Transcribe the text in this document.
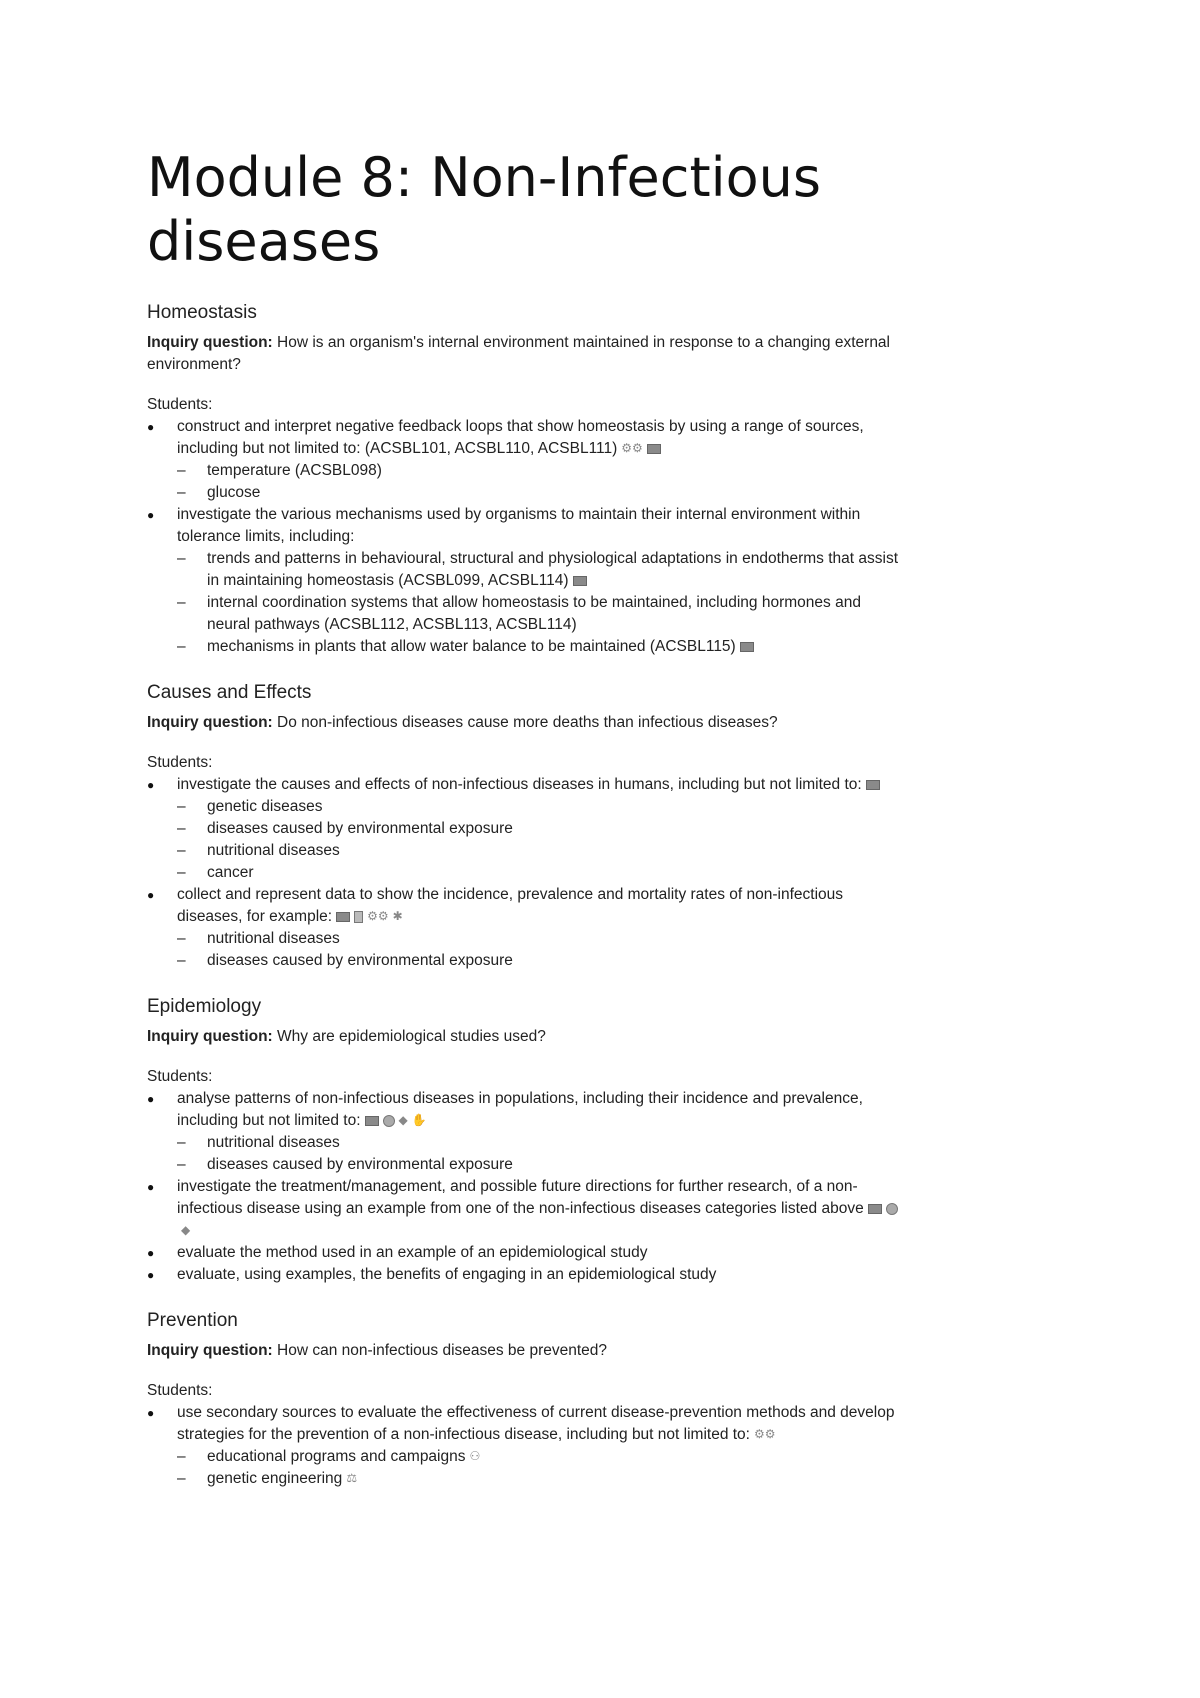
Module 8: Non-Infectious diseases
Homeostasis

Inquiry question: How is an organism's internal environment maintained in response to a changing external environment?

Students:

● construct and interpret negative feedback loops that show homeostasis by using a range of sources, including but not limited to: (ACSBL101, ACSBL110, ACSBL111) ⚙⚙
– temperature (ACSBL098)
– glucose
● investigate the various mechanisms used by organisms to maintain their internal environment within tolerance limits, including:
– trends and patterns in behavioural, structural and physiological adaptations in endotherms that assist in maintaining homeostasis (ACSBL099, ACSBL114)
– internal coordination systems that allow homeostasis to be maintained, including hormones and neural pathways (ACSBL112, ACSBL113, ACSBL114)
– mechanisms in plants that allow water balance to be maintained (ACSBL115)
Causes and Effects

Inquiry question: Do non-infectious diseases cause more deaths than infectious diseases?

Students:

● investigate the causes and effects of non-infectious diseases in humans, including but not limited to:
– genetic diseases
– diseases caused by environmental exposure
– nutritional diseases
– cancer
● collect and represent data to show the incidence, prevalence and mortality rates of non-infectious diseases, for example:	⚙⚙ ✱
– nutritional diseases
– diseases caused by environmental exposure
Epidemiology

Inquiry question: Why are epidemiological studies used?

Students:

● analyse patterns of non-infectious diseases in populations, including their incidence and prevalence, including but not limited to:	◆ ✋
– nutritional diseases
– diseases caused by environmental exposure
● investigate the treatment/management, and possible future directions for further research, of a non-infectious disease using an example from one of the non-infectious diseases categories listed above◆
● evaluate the method used in an example of an epidemiological study
● evaluate, using examples, the benefits of engaging in an epidemiological study
Prevention

Inquiry question: How can non-infectious diseases be prevented?

Students:

● use secondary sources to evaluate the effectiveness of current disease-prevention methods and develop strategies for the prevention of a non-infectious disease, including but not limited to: ⚙⚙
– educational programs and campaigns ⚇
– genetic engineering ⚖
